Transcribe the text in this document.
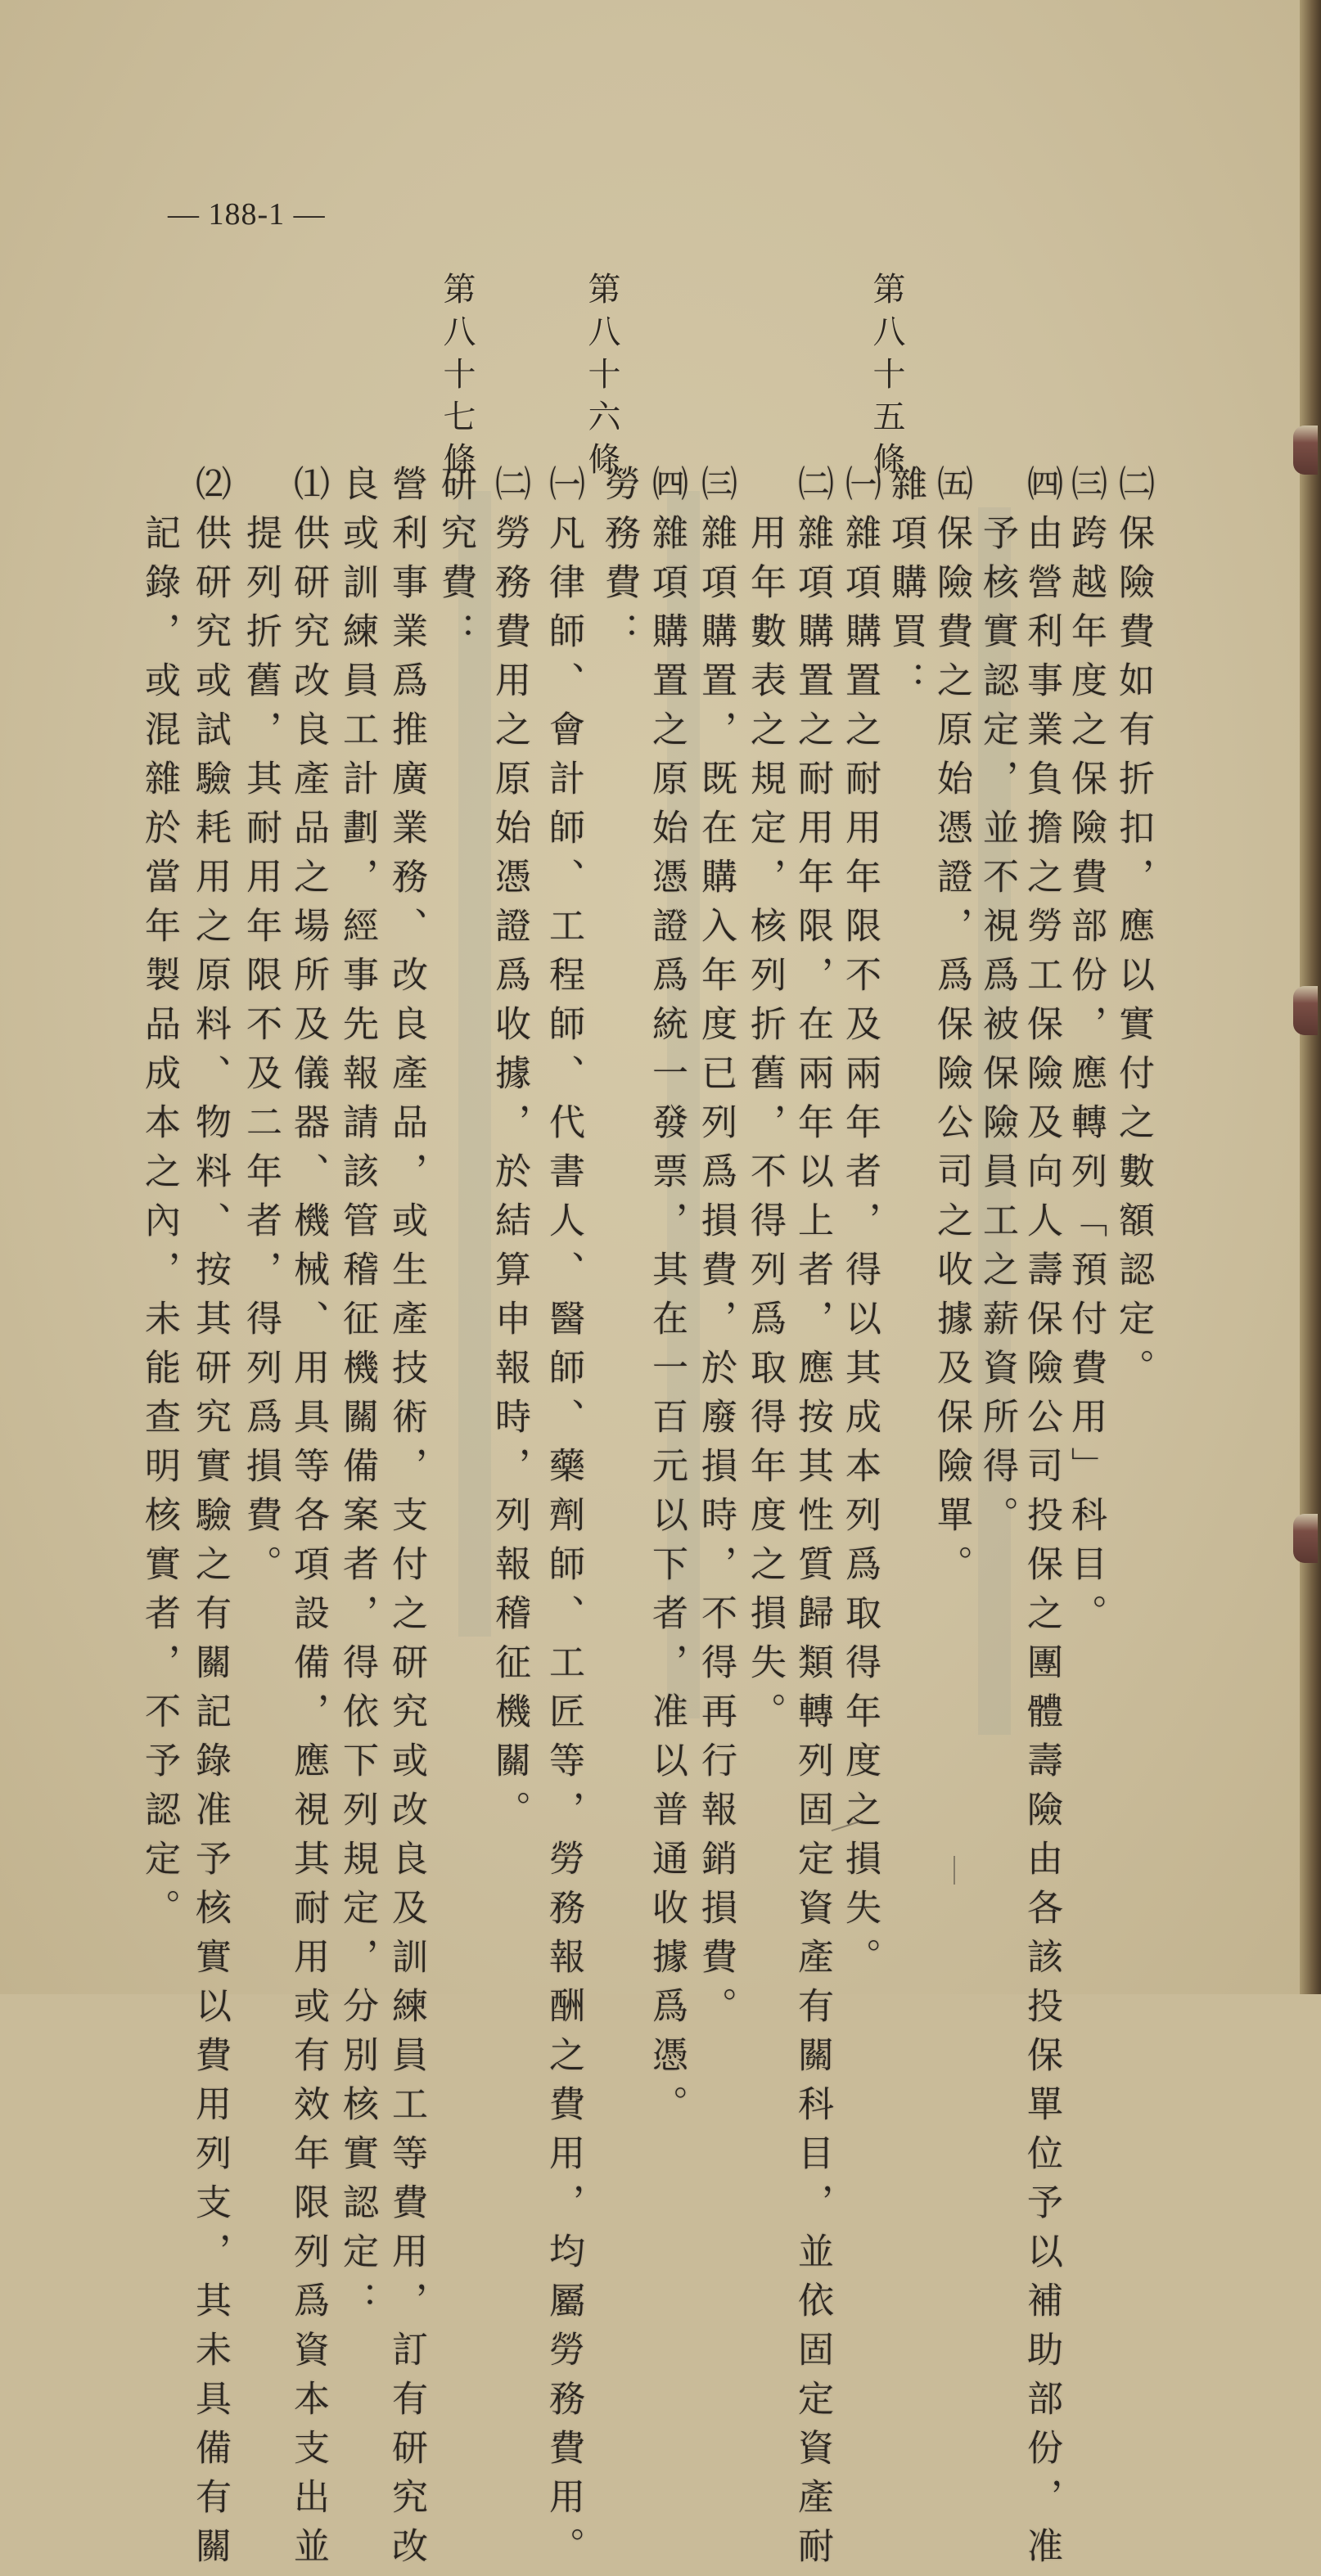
— 188-1 —
第八十五條
第八十六條
第八十七條
㈡保險費如有折扣，應以實付之數額認定。
㈢跨越年度之保險費部份，應轉列「預付費用」科目。
㈣由營利事業負擔之勞工保險及向人壽保險公司投保之團體壽險由各該投保單位予以補助部份，准
予核實認定，並不視爲被保險員工之薪資所得。
㈤保險費之原始憑證，爲保險公司之收據及保險單。
雜項購買：
㈠雜項購置之耐用年限不及兩年者，得以其成本列爲取得年度之損失。
㈡雜項購置之耐用年限，在兩年以上者，應按其性質歸類轉列固定資產有關科目，並依固定資產耐
用年數表之規定，核列折舊，不得列爲取得年度之損失。
㈢雜項購置，既在購入年度已列爲損費，於廢損時，不得再行報銷損費。
㈣雜項購置之原始憑證爲統一發票，其在一百元以下者，准以普通收據爲憑。
勞務費：
㈠凡律師、會計師、工程師、代書人、醫師、藥劑師、工匠等，勞務報酬之費用，均屬勞務費用。
㈡勞務費用之原始憑證爲收據，於結算申報時，列報稽征機關。
研究費：
營利事業爲推廣業務、改良產品，或生產技術，支付之研究或改良及訓練員工等費用，訂有研究改
良或訓練員工計劃，經事先報請該管稽征機關備案者，得依下列規定，分別核實認定：
⑴供研究改良產品之場所及儀器、機械、用具等各項設備，應視其耐用或有效年限列爲資本支出並
提列折舊，其耐用年限不及二年者，得列爲損費。
⑵供研究或試驗耗用之原料、物料、按其研究實驗之有關記錄准予核實以費用列支，其未具備有關
記錄，或混雜於當年製品成本之內，未能查明核實者，不予認定。
